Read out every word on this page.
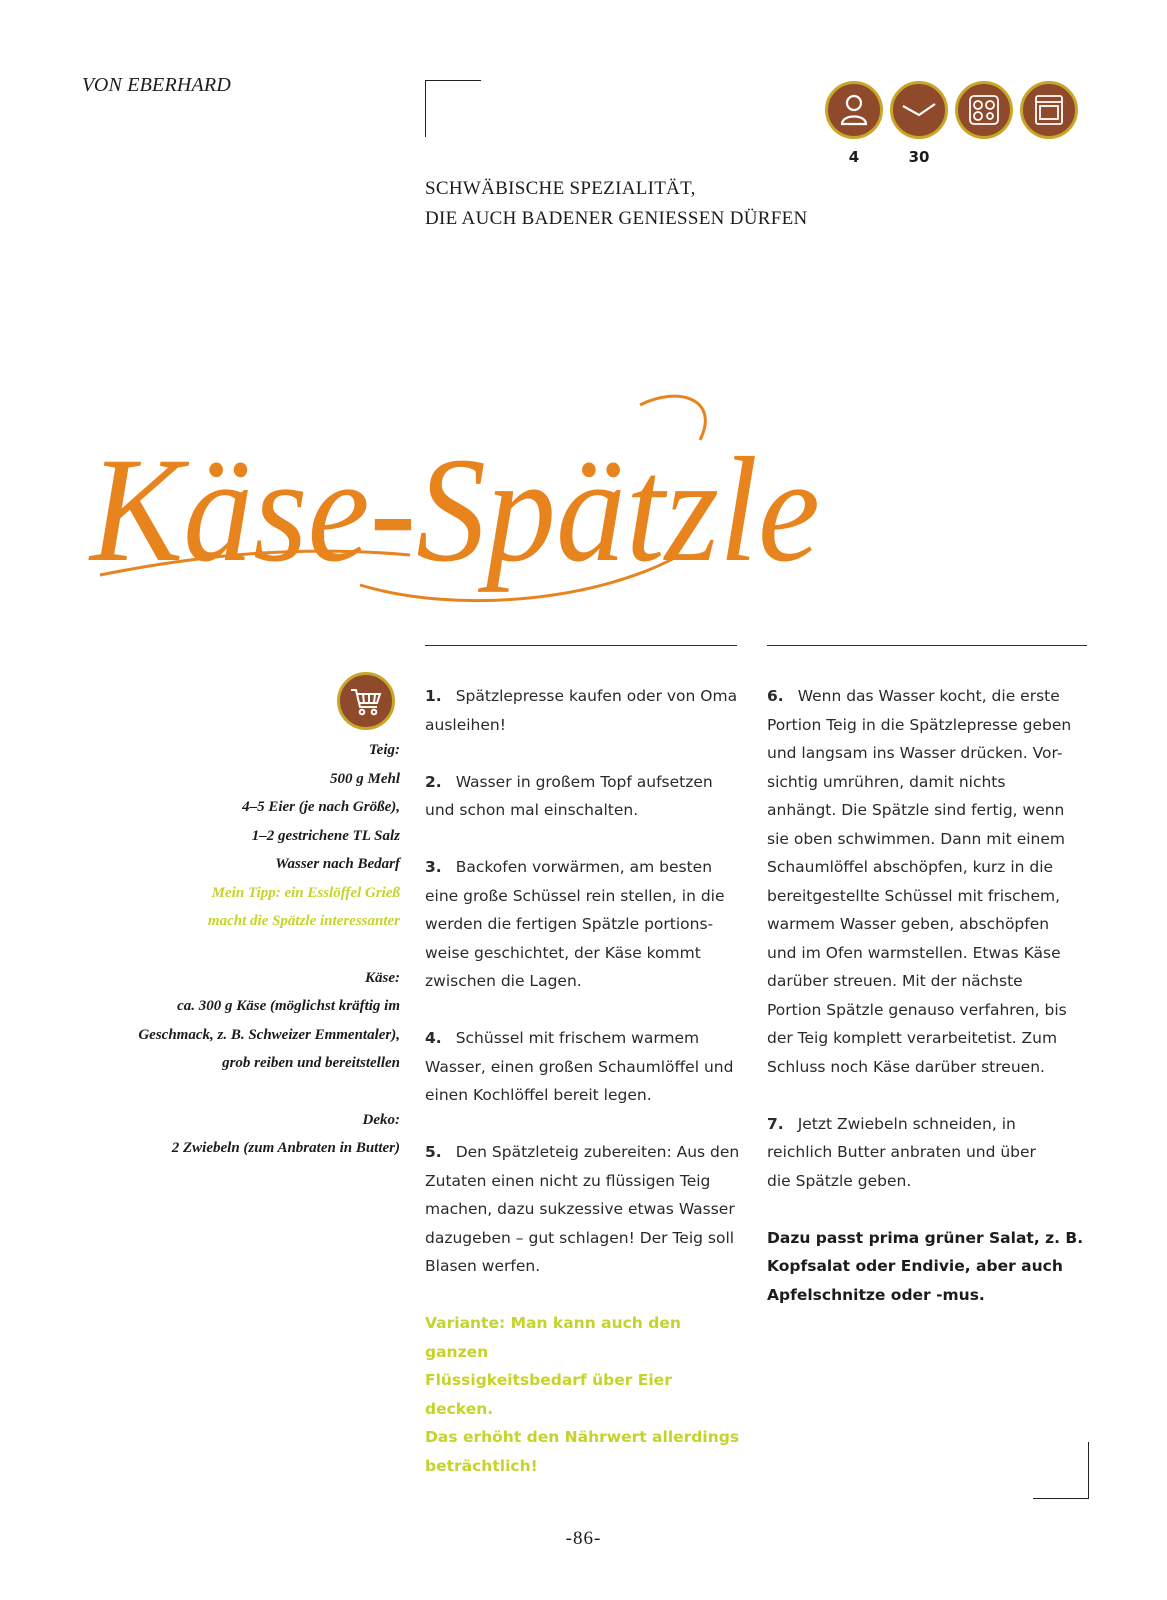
VON EBERHARD
SCHWÄBISCHE SPEZIALITÄT,
DIE AUCH BADENER GENIESSEN DÜRFEN
4	30
Käse-Spätzle
Teig:
500 g Mehl
4–5 Eier (je nach Größe),
1–2 gestrichene TL Salz
Wasser nach Bedarf
Mein Tipp: ein Esslöffel Grieß
macht die Spätzle interessanter
Käse:
ca. 300 g Käse (möglichst kräftig im
Geschmack, z. B. Schweizer Emmentaler),
grob reiben und bereitstellen
Deko:
2 Zwiebeln (zum Anbraten in Butter)
1. Spätzlepresse kaufen oder von Oma
ausleihen!
2. Wasser in großem Topf aufsetzen
und schon mal einschalten.
3. Backofen vorwärmen, am besten
eine große Schüssel rein stellen, in die
werden die fertigen Spätzle portions-
weise geschichtet, der Käse kommt
zwischen die Lagen.
4. Schüssel mit frischem warmem
Wasser, einen großen Schaumlöffel und
einen Kochlöffel bereit legen.
5. Den Spätzleteig zubereiten: Aus den
Zutaten einen nicht zu flüssigen Teig
machen, dazu sukzessive etwas Wasser
dazugeben – gut schlagen! Der Teig soll
Blasen werfen.
Variante: Man kann auch den ganzen
Flüssigkeitsbedarf über Eier decken.
Das erhöht den Nährwert allerdings
beträchtlich!
6. Wenn das Wasser kocht, die erste
Portion Teig in die Spätzlepresse geben
und langsam ins Wasser drücken. Vor-
sichtig umrühren, damit nichts
anhängt. Die Spätzle sind fertig, wenn
sie oben schwimmen. Dann mit einem
Schaumlöffel abschöpfen, kurz in die
bereitgestellte Schüssel mit frischem,
warmem Wasser geben, abschöpfen
und im Ofen warmstellen. Etwas Käse
darüber streuen. Mit der nächste
Portion Spätzle genauso verfahren, bis
der Teig komplett verarbeitetist. Zum
Schluss noch Käse darüber streuen.
7. Jetzt Zwiebeln schneiden, in
reichlich Butter anbraten und über
die Spätzle geben.
Dazu passt prima grüner Salat, z. B.
Kopfsalat oder Endivie, aber auch
Apfelschnitze oder -mus.
-86-
